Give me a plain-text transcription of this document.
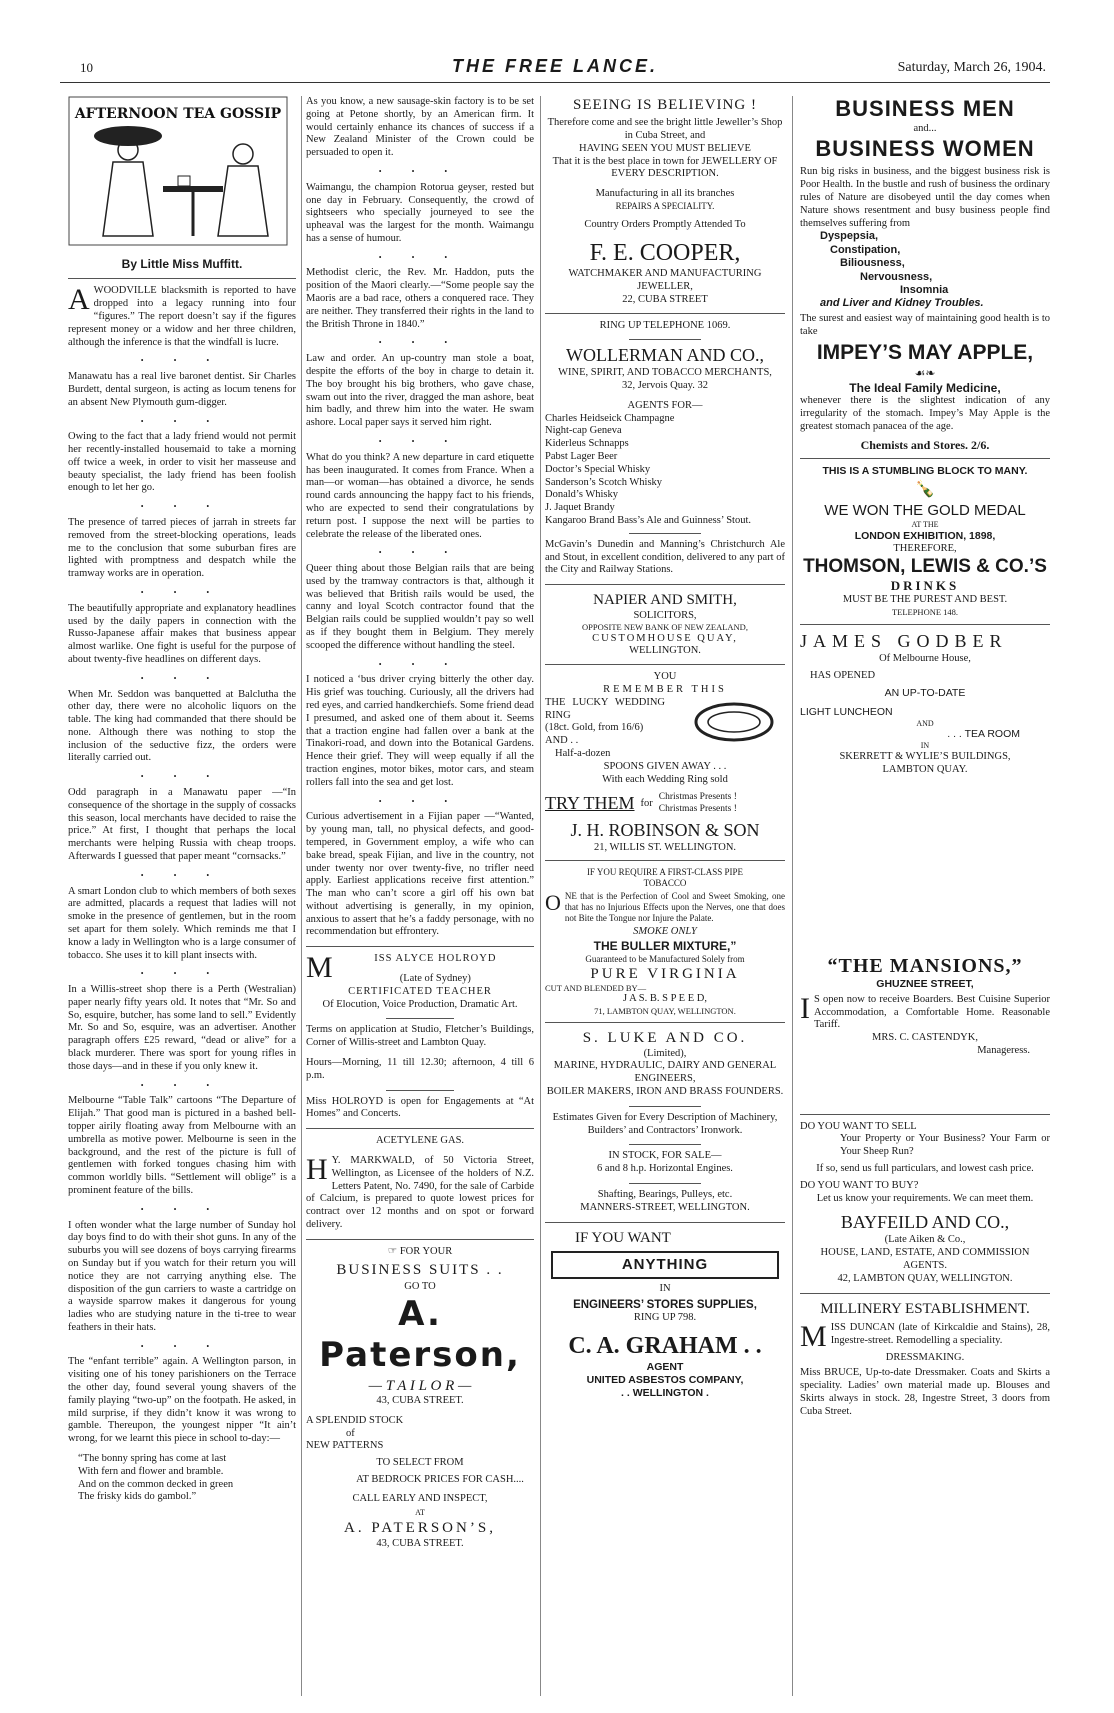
10	THE FREE LANCE.	Saturday, March 26, 1904.
AFTERNOON TEA GOSSIP

By Little Miss Muffitt.

AWOODVILLE blacksmith is reported to have dropped into a legacy running into four “figures.” The report doesn’t say if the figures represent money or a widow and her three children, although the inference is that the windfall is lucre.

• • •

Manawatu has a real live baronet dentist. Sir Charles Burdett, dental surgeon, is acting as locum tenens for an absent New Plymouth gum-digger.

• • •

Owing to the fact that a lady friend would not permit her recently-installed housemaid to take a morning off twice a week, in order to visit her masseuse and beauty specialist, the lady friend has been foolish enough to let her go.

• • •

The presence of tarred pieces of jarrah in streets far removed from the street-blocking operations, leads me to the conclusion that some suburban fires are lighted with promptness and despatch while the tramway works are in operation.

• • •

The beautifully appropriate and explanatory headlines used by the daily papers in connection with the Russo-Japanese affair makes that business appear almost warlike. One fight is useful for the purpose of about twenty-five headlines on different days.

• • •

When Mr. Seddon was banquetted at Balclutha the other day, there were no alcoholic liquors on the table. The king had commanded that there should be none. Although there was nothing to stop the inclusion of the seductive fizz, the orders were literally carried out.

• • •

Odd paragraph in a Manawatu paper —“In consequence of the shortage in the supply of cossacks this season, local merchants have decided to raise the price.” At first, I thought that perhaps the local merchants were helping Russia with cheap troops. Afterwards I guessed that paper meant “cornsacks.”

• • •

A smart London club to which members of both sexes are admitted, placards a request that ladies will not smoke in the presence of gentlemen, but in the room set apart for them solely. Which reminds me that I know a lady in Wellington who is a large consumer of tobacco. She uses it to kill plant insects with.

• • •

In a Willis-street shop there is a Perth (Westralian) paper nearly fifty years old. It notes that “Mr. So and So, esquire, butcher, has some land to sell.” Evidently Mr. So and So, esquire, was an advertiser. Another paragraph offers £25 reward, “dead or alive” for a black murderer. There was sport for young rifles in those days—and in these if you only knew it.

• • •

Melbourne “Table Talk” cartoons “The Departure of Elijah.” That good man is pictured in a bashed bell-topper airily floating away from Melbourne with an umbrella as motive power. Melbourne is seen in the background, and the rest of the picture is full of gentlemen with forked tongues chasing him with common worldly bills. “Settlement will oblige” is a prominent feature of the bills.

• • •

I often wonder what the large number of Sunday hol day boys find to do with their shot guns. In any of the suburbs you will see dozens of boys carrying firearms on Sunday but if you watch for their return you will notice they are not carrying anything else. The disposition of the gun carriers to waste a cartridge on a wayside sparrow makes it dangerous for young ladies who are studying nature in the ti-tree to wear feathers in their hats.

• • •

The “enfant terrible” again. A Wellington parson, in visiting one of his toney parishioners on the Terrace the other day, found several young shavers of the family playing “two-up” on the footpath. He asked, in mild surprise, if they didn’t know it was wrong to gamble. Thereupon, the youngest nipper “It ain’t wrong, for we learnt this piece in school to-day:—

“The bonny spring has come at last
With fern and flower and bramble.
And on the common decked in green
The frisky kids do gambol.”

As you know, a new sausage-skin factory is to be set going at Petone shortly, by an American firm. It would certainly enhance its chances of success if a New Zealand Minister of the Crown could be persuaded to open it.

• • •

Waimangu, the champion Rotorua geyser, rested but one day in February. Consequently, the crowd of sightseers who specially journeyed to see the upheaval was the largest for the month. Waimangu has a sense of humour.

• • •

Methodist cleric, the Rev. Mr. Haddon, puts the position of the Maori clearly.—“Some people say the Maoris are a bad race, others a conquered race. They are neither. They transferred their rights in the land to the British Throne in 1840.”

• • •

Law and order. An up-country man stole a boat, despite the efforts of the boy in charge to detain it. The boy brought his big brothers, who gave chase, swam out into the river, dragged the man ashore, beat him badly, and threw him into the water. He swam ashore. Local paper says it served him right.

• • •

What do you think? A new departure in card etiquette has been inaugurated. It comes from France. When a man—or woman—has obtained a divorce, he sends round cards announcing the happy fact to his friends, who are expected to send their congratulations by return post. I suppose the next will be parties to celebrate the release of the liberated ones.

• • •

Queer thing about those Belgian rails that are being used by the tramway contractors is that, although it was believed that British rails would be used, the canny and loyal Scotch contractor found that the Belgian rails could be supplied wouldn’t pay so well as if they bought them in Belgium. They merely scooped the difference without handling the steel.

• • •

I noticed a ‘bus driver crying bitterly the other day. His grief was touching. Curiously, all the drivers had red eyes, and carried handkerchiefs. Some friend dead I presumed, and asked one of them about it. Seems that a traction engine had fallen over a bank at the Tinakori-road, and down into the Botanical Gardens. Hence their grief. They will weep equally if all the traction engines, motor bikes, motor cars, and steam rollers fall into the sea and get lost.

• • •

Curious advertisement in a Fijian paper —“Wanted, by young man, tall, no physical defects, and good-tempered, in Government employ, a wife who can bake bread, speak Fijian, and live in the country, not under twenty nor over twenty-five, no trifler need apply. Earliest applications receive first attention.” The man who can’t score a girl off his own bat without advertising is generally, in my opinion, anxious to assert that he’s a faddy personage, with no recommendation but effrontery.

M	ISS ALYCE HOLROYD

(Late of Sydney)

CERTIFICATED TEACHER

Of Elocution, Voice Production, Dramatic Art.

Terms on application at Studio, Fletcher’s Buildings, Corner of Willis-street and Lambton Quay.

Hours—Morning, 11 till 12.30; afternoon, 4 till 6 p.m.

Miss HOLROYD is open for Engagements at “At Homes” and Concerts.

ACETYLENE GAS.

H Y. MARKWALD, of 50 Victoria Street, Wellington, as Licensee of the holders of N.Z. Letters Patent, No. 7490, for the sale of Carbide of Calcium, is prepared to quote lowest prices for contract over 12 months and on spot or forward delivery.

☞ FOR YOUR

BUSINESS SUITS . .

GO TO

A. Paterson,

— T A I L O R —

43, CUBA STREET.

A SPLENDID STOCK

of

NEW PATTERNS

TO SELECT FROM

AT BEDROCK PRICES FOR CASH....

CALL EARLY AND INSPECT,

AT

A. PATERSON’S,

43, CUBA STREET.

SEEING IS BELIEVING !

Therefore come and see the bright little Jeweller’s Shop in Cuba Street, and

HAVING SEEN YOU MUST BELIEVE

That it is the best place in town for JEWELLERY OF EVERY DESCRIPTION.

Manufacturing in all its branches

REPAIRS A SPECIALITY.

Country Orders Promptly Attended To

F. E. COOPER,

WATCHMAKER AND MANUFACTURING JEWELLER,

22, CUBA STREET

RING UP TELEPHONE 1069.

WOLLERMAN AND CO.,

WINE, SPIRIT, AND TOBACCO MERCHANTS,

32, Jervois Quay. 32

AGENTS FOR—

Charles Heidseick Champagne

Night-cap Geneva

Kiderleus Schnapps

Pabst Lager Beer

Doctor’s Special Whisky

Sanderson’s Scotch Whisky

Donald’s Whisky

J. Jaquet Brandy

Kangaroo Brand Bass’s Ale and Guinness’ Stout.

McGavin’s Dunedin and Manning’s Christchurch Ale and Stout, in excellent condition, delivered to any part of the City and Railway Stations.

NAPIER AND SMITH,

SOLICITORS,

OPPOSITE NEW BANK OF NEW ZEALAND,

CUSTOMHOUSE QUAY,

WELLINGTON.

YOU

REMEMBER THIS

THE LUCKY WEDDING RING

(18ct. Gold, from 16/6)

AND . .

Half-a-dozen

SPOONS GIVEN AWAY . . .

With each Wedding Ring sold

TRY THEM for
Christmas Presents ! Christmas Presents !

J. H. ROBINSON & SON

21, WILLIS ST. WELLINGTON.

IF YOU REQUIRE A FIRST-CLASS PIPE

TOBACCO

ONE that is the Perfection of Cool and Sweet Smoking, one that has no Injurious Effects upon the Nerves, one that does not Bite the Tongue nor Injure the Palate.

SMOKE ONLY

THE BULLER MIXTURE,”

Guaranteed to be Manufactured Solely from

PURE VIRGINIA

CUT AND BLENDED BY—

J A S. B. S P E E D,

71, LAMBTON QUAY, WELLINGTON.

S. LUKE AND CO.

(Limited),

MARINE, HYDRAULIC, DAIRY AND GENERAL ENGINEERS,

BOILER MAKERS, IRON AND BRASS FOUNDERS.

Estimates Given for Every Description of Machinery,

Builders’ and Contractors’ Ironwork.

IN STOCK, FOR SALE—

6 and 8 h.p. Horizontal Engines.

Shafting, Bearings, Pulleys, etc.

MANNERS-STREET, WELLINGTON.

IF YOU WANT

ANYTHING

IN

ENGINEERS’ STORES SUPPLIES,

RING UP 798.

C. A. GRAHAM . .

AGENT

UNITED ASBESTOS COMPANY,

. . WELLINGTON .

BUSINESS MEN

and...

BUSINESS WOMEN

Run big risks in business, and the biggest business risk is Poor Health. In the bustle and rush of business the ordinary rules of Nature are disobeyed until the day comes when Nature shows resentment and busy business people find themselves suffering from

Dyspepsia,
Constipation,
Biliousness,
Nervousness,
Insomnia
and Liver and Kidney Troubles.

The surest and easiest way of maintaining good health is to take

IMPEY’S MAY APPLE,

☙❧

The Ideal Family Medicine,

whenever there is the slightest indication of any irregularity of the stomach. Impey’s May Apple is the greatest stomach panacea of the age.

Chemists and Stores. 2/6.

THIS IS A STUMBLING BLOCK TO MANY.

🍾

WE WON THE GOLD MEDAL

AT THE

LONDON EXHIBITION, 1898,

THEREFORE,

THOMSON, LEWIS & CO.’S

DRINKS

MUST BE THE PUREST AND BEST.

TELEPHONE 148.

JAMES GODBER

Of Melbourne House,

HAS OPENED

AN UP-TO-DATE

LIGHT LUNCHEON

AND

. . . TEA ROOM

IN

SKERRETT & WYLIE’S BUILDINGS,

LAMBTON QUAY.

“THE MANSIONS,”

GHUZNEE STREET,

I S open now to receive Boarders. Best Cuisine Superior Accommodation, a Comfortable Home. Reasonable Tariff.

MRS. C. CASTENDYK,

Manageress.

DO YOU WANT TO SELL

Your Property or Your Business? Your Farm or Your Sheep Run?

If so, send us full particulars, and lowest cash price.

DO YOU WANT TO BUY?

Let us know your requirements. We can meet them.

BAYFEILD AND CO.,

(Late Aiken & Co.,

HOUSE, LAND, ESTATE, AND COMMISSION AGENTS.

42, LAMBTON QUAY, WELLINGTON.

MILLINERY ESTABLISHMENT.

MISS DUNCAN (late of Kirkcaldie and Stains), 28, Ingestre-street. Remodelling a speciality.

DRESSMAKING.

Miss BRUCE, Up-to-date Dressmaker. Coats and Skirts a speciality. Ladies’ own material made up. Blouses and Skirts always in stock. 28, Ingestre Street, 3 doors from Cuba Street.
